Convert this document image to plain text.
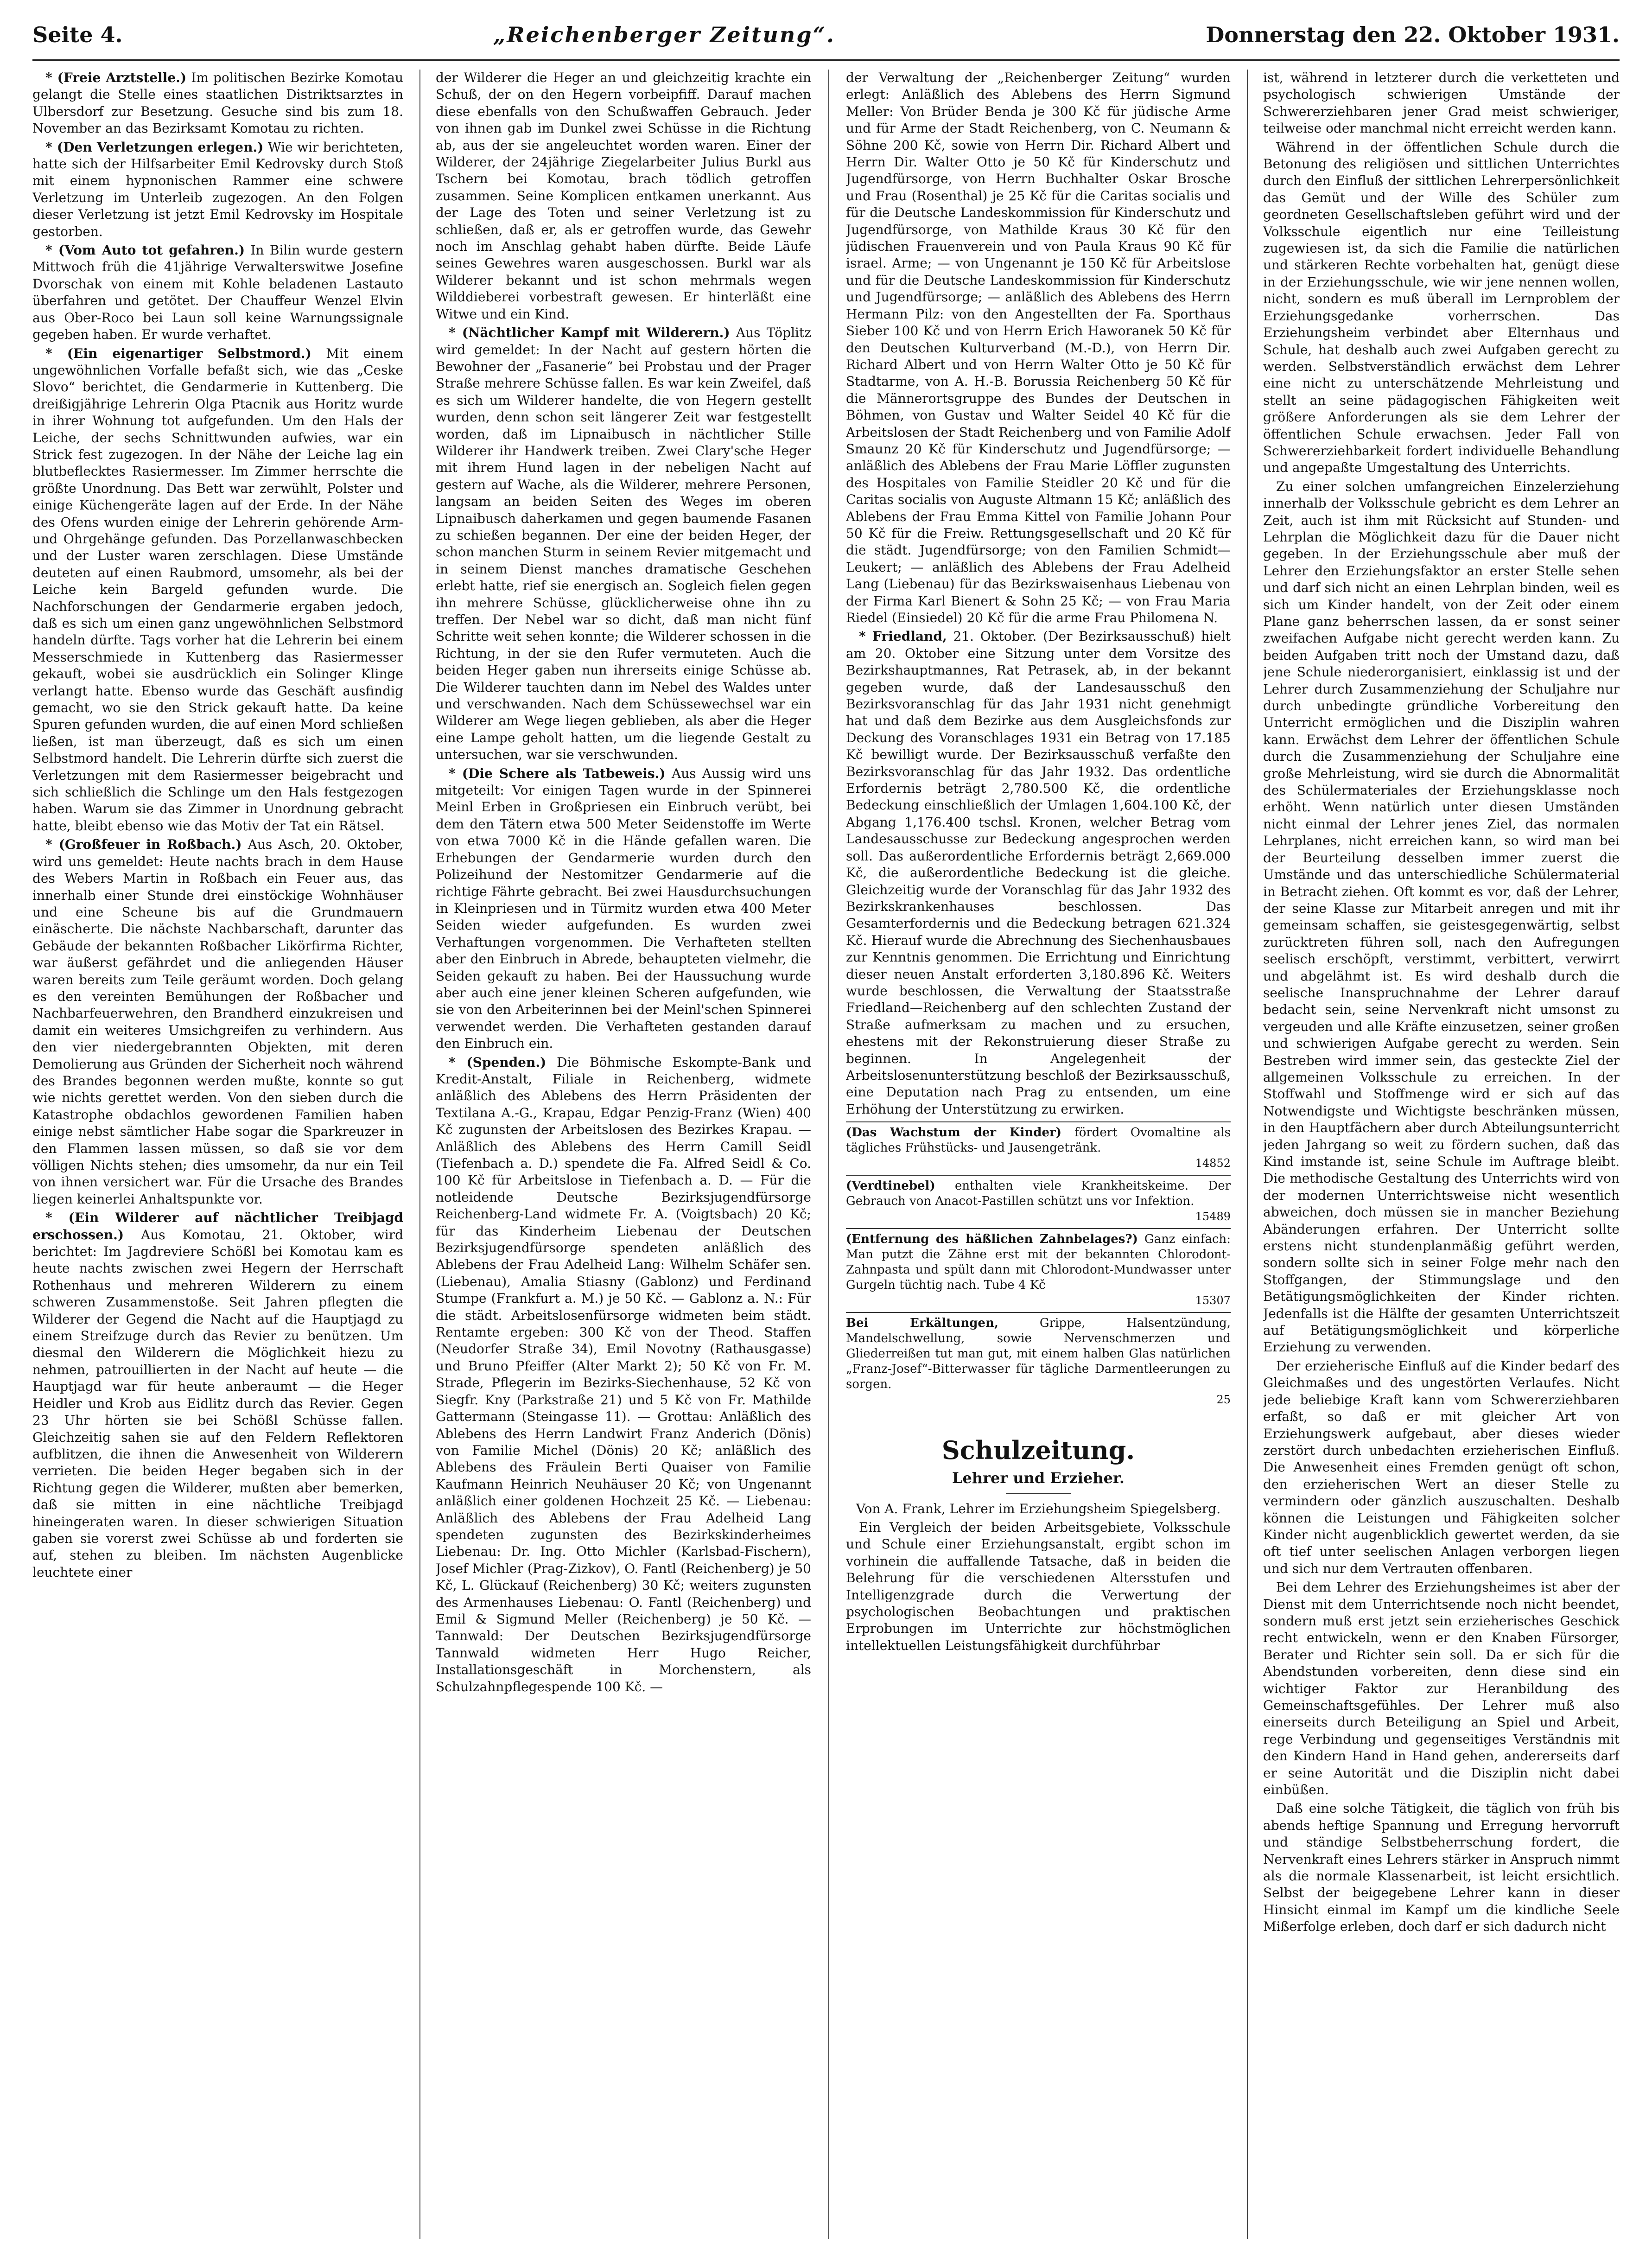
Seite 4.	„Reichenberger Zeitung“.	Donnerstag den 22. Oktober 1931.

* (Freie Arztstelle.) Im politischen Bezirke Komotau gelangt die Stelle eines staatlichen Distriktsarztes in Ulbersdorf zur Besetzung. Gesuche sind bis zum 18. November an das Bezirksamt Komotau zu richten.

* (Den Verletzungen erlegen.) Wie wir berichteten, hatte sich der Hilfsarbeiter Emil Kedrovsky durch Stoß mit einem hypnonischen Rammer eine schwere Verletzung im Unterleib zugezogen. An den Folgen dieser Verletzung ist jetzt Emil Kedrovsky im Hospitale gestorben.

* (Vom Auto tot gefahren.) In Bilin wurde gestern Mittwoch früh die 41jährige Verwalterswitwe Josefine Dvorschak von einem mit Kohle beladenen Lastauto überfahren und getötet. Der Chauffeur Wenzel Elvin aus Ober-Roco bei Laun soll keine Warnungssignale gegeben haben. Er wurde verhaftet.

* (Ein eigenartiger Selbstmord.) Mit einem ungewöhnlichen Vorfalle befaßt sich, wie das „Ceske Slovo“ berichtet, die Gendarmerie in Kuttenberg. Die dreißigjährige Lehrerin Olga Ptacnik aus Horitz wurde in ihrer Wohnung tot aufgefunden. Um den Hals der Leiche, der sechs Schnittwunden aufwies, war ein Strick fest zugezogen. In der Nähe der Leiche lag ein blutbeflecktes Rasiermesser. Im Zimmer herrschte die größte Unordnung. Das Bett war zerwühlt, Polster und einige Küchengeräte lagen auf der Erde. In der Nähe des Ofens wurden einige der Lehrerin gehörende Arm- und Ohrgehänge gefunden. Das Porzellanwaschbecken und der Luster waren zerschlagen. Diese Umstände deuteten auf einen Raubmord, umsomehr, als bei der Leiche kein Bargeld gefunden wurde. Die Nachforschungen der Gendarmerie ergaben jedoch, daß es sich um einen ganz ungewöhnlichen Selbstmord handeln dürfte. Tags vorher hat die Lehrerin bei einem Messerschmiede in Kuttenberg das Rasiermesser gekauft, wobei sie ausdrücklich ein Solinger Klinge verlangt hatte. Ebenso wurde das Geschäft ausfindig gemacht, wo sie den Strick gekauft hatte. Da keine Spuren gefunden wurden, die auf einen Mord schließen ließen, ist man überzeugt, daß es sich um einen Selbstmord handelt. Die Lehrerin dürfte sich zuerst die Verletzungen mit dem Rasiermesser beigebracht und sich schließlich die Schlinge um den Hals festgezogen haben. Warum sie das Zimmer in Unordnung gebracht hatte, bleibt ebenso wie das Motiv der Tat ein Rätsel.

* (Großfeuer in Roßbach.) Aus Asch, 20. Oktober, wird uns gemeldet: Heute nachts brach in dem Hause des Webers Martin in Roßbach ein Feuer aus, das innerhalb einer Stunde drei einstöckige Wohnhäuser und eine Scheune bis auf die Grundmauern einäscherte. Die nächste Nachbarschaft, darunter das Gebäude der bekannten Roßbacher Likörfirma Richter, war äußerst gefährdet und die anliegenden Häuser waren bereits zum Teile geräumt worden. Doch gelang es den vereinten Bemühungen der Roßbacher und Nachbarfeuerwehren, den Brandherd einzukreisen und damit ein weiteres Umsichgreifen zu verhindern. Aus den vier niedergebrannten Objekten, mit deren Demolierung aus Gründen der Sicherheit noch während des Brandes begonnen werden mußte, konnte so gut wie nichts gerettet werden. Von den sieben durch die Katastrophe obdachlos gewordenen Familien haben einige nebst sämtlicher Habe sogar die Sparkreuzer in den Flammen lassen müssen, so daß sie vor dem völligen Nichts stehen; dies umsomehr, da nur ein Teil von ihnen versichert war. Für die Ursache des Brandes liegen keinerlei Anhaltspunkte vor.

* (Ein Wilderer auf nächtlicher Treibjagd erschossen.) Aus Komotau, 21. Oktober, wird berichtet: Im Jagdreviere Schößl bei Komotau kam es heute nachts zwischen zwei Hegern der Herrschaft Rothenhaus und mehreren Wilderern zu einem schweren Zusammenstoße. Seit Jahren pflegten die Wilderer der Gegend die Nacht auf die Hauptjagd zu einem Streifzuge durch das Revier zu benützen. Um diesmal den Wilderern die Möglichkeit hiezu zu nehmen, patrouillierten in der Nacht auf heute — die Hauptjagd war für heute anberaumt — die Heger Heidler und Krob aus Eidlitz durch das Revier. Gegen 23 Uhr hörten sie bei Schößl Schüsse fallen. Gleichzeitig sahen sie auf den Feldern Reflektoren aufblitzen, die ihnen die Anwesenheit von Wilderern verrieten. Die beiden Heger begaben sich in der Richtung gegen die Wilderer, mußten aber bemerken, daß sie mitten in eine nächtliche Treibjagd hineingeraten waren. In dieser schwierigen Situation gaben sie vorerst zwei Schüsse ab und forderten sie auf, stehen zu bleiben. Im nächsten Augenblicke leuchtete einer

der Wilderer die Heger an und gleichzeitig krachte ein Schuß, der on den Hegern vorbeipfiff. Darauf machen diese ebenfalls von den Schußwaffen Gebrauch. Jeder von ihnen gab im Dunkel zwei Schüsse in die Richtung ab, aus der sie angeleuchtet worden waren. Einer der Wilderer, der 24jährige Ziegelarbeiter Julius Burkl aus Tschern bei Komotau, brach tödlich getroffen zusammen. Seine Komplicen entkamen unerkannt. Aus der Lage des Toten und seiner Verletzung ist zu schließen, daß er, als er getroffen wurde, das Gewehr noch im Anschlag gehabt haben dürfte. Beide Läufe seines Gewehres waren ausgeschossen. Burkl war als Wilderer bekannt und ist schon mehrmals wegen Wilddieberei vorbestraft gewesen. Er hinterläßt eine Witwe und ein Kind.

* (Nächtlicher Kampf mit Wilderern.) Aus Töplitz wird gemeldet: In der Nacht auf gestern hörten die Bewohner der „Fasanerie“ bei Probstau und der Prager Straße mehrere Schüsse fallen. Es war kein Zweifel, daß es sich um Wilderer handelte, die von Hegern gestellt wurden, denn schon seit längerer Zeit war festgestellt worden, daß im Lipnaibusch in nächtlicher Stille Wilderer ihr Handwerk treiben. Zwei Clary'sche Heger mit ihrem Hund lagen in der nebeligen Nacht auf gestern auf Wache, als die Wilderer, mehrere Personen, langsam an beiden Seiten des Weges im oberen Lipnaibusch daherkamen und gegen baumende Fasanen zu schießen begannen. Der eine der beiden Heger, der schon manchen Sturm in seinem Revier mitgemacht und in seinem Dienst manches dramatische Geschehen erlebt hatte, rief sie energisch an. Sogleich fielen gegen ihn mehrere Schüsse, glücklicherweise ohne ihn zu treffen. Der Nebel war so dicht, daß man nicht fünf Schritte weit sehen konnte; die Wilderer schossen in die Richtung, in der sie den Rufer vermuteten. Auch die beiden Heger gaben nun ihrerseits einige Schüsse ab. Die Wilderer tauchten dann im Nebel des Waldes unter und verschwanden. Nach dem Schüssewechsel war ein Wilderer am Wege liegen geblieben, als aber die Heger eine Lampe geholt hatten, um die liegende Gestalt zu untersuchen, war sie verschwunden.

* (Die Schere als Tatbeweis.) Aus Aussig wird uns mitgeteilt: Vor einigen Tagen wurde in der Spinnerei Meinl Erben in Großpriesen ein Einbruch verübt, bei dem den Tätern etwa 500 Meter Seidenstoffe im Werte von etwa 7000 Kč in die Hände gefallen waren. Die Erhebungen der Gendarmerie wurden durch den Polizeihund der Nestomitzer Gendarmerie auf die richtige Fährte gebracht. Bei zwei Hausdurchsuchungen in Kleinpriesen und in Türmitz wurden etwa 400 Meter Seiden wieder aufgefunden. Es wurden zwei Verhaftungen vorgenommen. Die Verhafteten stellten aber den Einbruch in Abrede, behaupteten vielmehr, die Seiden gekauft zu haben. Bei der Haussuchung wurde aber auch eine jener kleinen Scheren aufgefunden, wie sie von den Arbeiterinnen bei der Meinl'schen Spinnerei verwendet werden. Die Verhafteten gestanden darauf den Einbruch ein.

* (Spenden.) Die Böhmische Eskompte-Bank und Kredit-Anstalt, Filiale in Reichenberg, widmete anläßlich des Ablebens des Herrn Präsidenten der Textilana A.-G., Krapau, Edgar Penzig-Franz (Wien) 400 Kč zugunsten der Arbeitslosen des Bezirkes Krapau. — Anläßlich des Ablebens des Herrn Camill Seidl (Tiefenbach a. D.) spendete die Fa. Alfred Seidl & Co. 100 Kč für Arbeitslose in Tiefenbach a. D. — Für die notleidende Deutsche Bezirksjugendfürsorge Reichenberg-Land widmete Fr. A. (Voigtsbach) 20 Kč; für das Kinderheim Liebenau der Deutschen Bezirksjugendfürsorge spendeten anläßlich des Ablebens der Frau Adelheid Lang: Wilhelm Schäfer sen. (Liebenau), Amalia Stiasny (Gablonz) und Ferdinand Stumpe (Frankfurt a. M.) je 50 Kč. — Gablonz a. N.: Für die städt. Arbeitslosenfürsorge widmeten beim städt. Rentamte ergeben: 300 Kč von der Theod. Staffen (Neudorfer Straße 34), Emil Novotny (Rathausgasse) und Bruno Pfeiffer (Alter Markt 2); 50 Kč von Fr. M. Strade, Pflegerin im Bezirks-Siechenhause, 52 Kč von Siegfr. Kny (Parkstraße 21) und 5 Kč von Fr. Mathilde Gattermann (Steingasse 11). — Grottau: Anläßlich des Ablebens des Herrn Landwirt Franz Anderich (Dönis) von Familie Michel (Dönis) 20 Kč; anläßlich des Ablebens des Fräulein Berti Quaiser von Familie Kaufmann Heinrich Neuhäuser 20 Kč; von Ungenannt anläßlich einer goldenen Hochzeit 25 Kč. — Liebenau: Anläßlich des Ablebens der Frau Adelheid Lang spendeten zugunsten des Bezirkskinderheimes Liebenau: Dr. Ing. Otto Michler (Karlsbad-Fischern), Josef Michler (Prag-Zizkov), O. Fantl (Reichenberg) je 50 Kč, L. Glückauf (Reichenberg) 30 Kč; weiters zugunsten des Armenhauses Liebenau: O. Fantl (Reichenberg) und Emil & Sigmund Meller (Reichenberg) je 50 Kč. — Tannwald: Der Deutschen Bezirksjugendfürsorge Tannwald widmeten Herr Hugo Reicher, Installationsgeschäft in Morchenstern, als Schulzahnpflegespende 100 Kč. —

der Verwaltung der „Reichenberger Zeitung“ wurden erlegt: Anläßlich des Ablebens des Herrn Sigmund Meller: Von Brüder Benda je 300 Kč für jüdische Arme und für Arme der Stadt Reichenberg, von C. Neumann & Söhne 200 Kč, sowie von Herrn Dir. Richard Albert und Herrn Dir. Walter Otto je 50 Kč für Kinderschutz und Jugendfürsorge, von Herrn Buchhalter Oskar Brosche und Frau (Rosenthal) je 25 Kč für die Caritas socialis und für die Deutsche Landeskommission für Kinderschutz und Jugendfürsorge, von Mathilde Kraus 30 Kč für den jüdischen Frauenverein und von Paula Kraus 90 Kč für israel. Arme; — von Ungenannt je 150 Kč für Arbeitslose und für die Deutsche Landeskommission für Kinderschutz und Jugendfürsorge; — anläßlich des Ablebens des Herrn Hermann Pilz: von den Angestellten der Fa. Sporthaus Sieber 100 Kč und von Herrn Erich Haworanek 50 Kč für den Deutschen Kulturverband (M.-D.), von Herrn Dir. Richard Albert und von Herrn Walter Otto je 50 Kč für Stadtarme, von A. H.-B. Borussia Reichenberg 50 Kč für die Männerortsgruppe des Bundes der Deutschen in Böhmen, von Gustav und Walter Seidel 40 Kč für die Arbeitslosen der Stadt Reichenberg und von Familie Adolf Smaunz 20 Kč für Kinderschutz und Jugendfürsorge; — anläßlich des Ablebens der Frau Marie Löffler zugunsten des Hospitales von Familie Steidler 20 Kč und für die Caritas socialis von Auguste Altmann 15 Kč; anläßlich des Ablebens der Frau Emma Kittel von Familie Johann Pour 50 Kč für die Freiw. Rettungsgesellschaft und 20 Kč für die städt. Jugendfürsorge; von den Familien Schmidt—Leukert; — anläßlich des Ablebens der Frau Adelheid Lang (Liebenau) für das Bezirkswaisenhaus Liebenau von der Firma Karl Bienert & Sohn 25 Kč; — von Frau Maria Riedel (Einsiedel) 20 Kč für die arme Frau Philomena N.

* Friedland, 21. Oktober. (Der Bezirksausschuß) hielt am 20. Oktober eine Sitzung unter dem Vorsitze des Bezirkshauptmannes, Rat Petrasek, ab, in der bekannt gegeben wurde, daß der Landesausschuß den Bezirksvoranschlag für das Jahr 1931 nicht genehmigt hat und daß dem Bezirke aus dem Ausgleichsfonds zur Deckung des Voranschlages 1931 ein Betrag von 17.185 Kč bewilligt wurde. Der Bezirksausschuß verfaßte den Bezirksvoranschlag für das Jahr 1932. Das ordentliche Erfordernis beträgt 2,780.500 Kč, die ordentliche Bedeckung einschließlich der Umlagen 1,604.100 Kč, der Abgang 1,176.400 tschsl. Kronen, welcher Betrag vom Landesausschusse zur Bedeckung angesprochen werden soll. Das außerordentliche Erfordernis beträgt 2,669.000 Kč, die außerordentliche Bedeckung ist die gleiche. Gleichzeitig wurde der Voranschlag für das Jahr 1932 des Bezirkskrankenhauses beschlossen. Das Gesamterfordernis und die Bedeckung betragen 621.324 Kč. Hierauf wurde die Abrechnung des Siechenhausbaues zur Kenntnis genommen. Die Errichtung und Einrichtung dieser neuen Anstalt erforderten 3,180.896 Kč. Weiters wurde beschlossen, die Verwaltung der Staatsstraße Friedland—Reichenberg auf den schlechten Zustand der Straße aufmerksam zu machen und zu ersuchen, ehestens mit der Rekonstruierung dieser Straße zu beginnen. In Angelegenheit der Arbeitslosenunterstützung beschloß der Bezirksausschuß, eine Deputation nach Prag zu entsenden, um eine Erhöhung der Unterstützung zu erwirken.

(Das Wachstum der Kinder) fördert Ovomaltine als tägliches Frühstücks- und Jausengetränk.
14852
(Verdtinebel) enthalten viele Krankheitskeime. Der Gebrauch von Anacot-Pastillen schützt uns vor Infektion.
15489
(Entfernung des häßlichen Zahnbelages?) Ganz einfach: Man putzt die Zähne erst mit der bekannten Chlorodont-Zahnpasta und spült dann mit Chlorodont-Mundwasser unter Gurgeln tüchtig nach. Tube 4 Kč
15307
Bei Erkältungen,	Grippe, Halsentzündung, Mandelschwellung, sowie Nervenschmerzen und Gliederreißen tut man gut, mit einem halben Glas natürlichen „Franz-Josef“-Bitterwasser für tägliche Darmentleerungen zu sorgen.
25
Schulzeitung.
Lehrer und Erzieher.

Von A. Frank, Lehrer im Erziehungsheim Spiegelsberg.

Ein Vergleich der beiden Arbeitsgebiete, Volksschule und Schule einer Erziehungsanstalt, ergibt schon im vorhinein die auffallende Tatsache, daß in beiden die Belehrung für die verschiedenen Altersstufen und Intelligenzgrade durch die Verwertung der psychologischen Beobachtungen und praktischen Erprobungen im Unterrichte zur höchstmöglichen intellektuellen Leistungsfähigkeit durchführbar

ist, während in letzterer durch die verketteten und psychologisch schwierigen Umstände der Schwererziehbaren jener Grad meist schwieriger, teilweise oder manchmal nicht erreicht werden kann.

Während in der öffentlichen Schule durch die Betonung des religiösen und sittlichen Unterrichtes durch den Einfluß der sittlichen Lehrerpersönlichkeit das Gemüt und der Wille des Schüler zum geordneten Gesellschaftsleben geführt wird und der Volksschule eigentlich nur eine Teilleistung zugewiesen ist, da sich die Familie die natürlichen und stärkeren Rechte vorbehalten hat, genügt diese in der Erziehungsschule, wie wir jene nennen wollen, nicht, sondern es muß überall im Lernproblem der Erziehungsgedanke vorherrschen. Das Erziehungsheim verbindet aber Elternhaus und Schule, hat deshalb auch zwei Aufgaben gerecht zu werden. Selbstverständlich erwächst dem Lehrer eine nicht zu unterschätzende Mehrleistung und stellt an seine pädagogischen Fähigkeiten weit größere Anforderungen als sie dem Lehrer der öffentlichen Schule erwachsen. Jeder Fall von Schwererziehbarkeit fordert individuelle Behandlung und angepaßte Umgestaltung des Unterrichts.

Zu einer solchen umfangreichen Einzelerziehung innerhalb der Volksschule gebricht es dem Lehrer an Zeit, auch ist ihm mit Rücksicht auf Stunden- und Lehrplan die Möglichkeit dazu für die Dauer nicht gegeben. In der Erziehungsschule aber muß der Lehrer den Erziehungsfaktor an erster Stelle sehen und darf sich nicht an einen Lehrplan binden, weil es sich um Kinder handelt, von der Zeit oder einem Plane ganz beherrschen lassen, da er sonst seiner zweifachen Aufgabe nicht gerecht werden kann. Zu beiden Aufgaben tritt noch der Umstand dazu, daß jene Schule niederorganisiert, einklassig ist und der Lehrer durch Zusammenziehung der Schuljahre nur durch unbedingte gründliche Vorbereitung den Unterricht ermöglichen und die Disziplin wahren kann. Erwächst dem Lehrer der öffentlichen Schule durch die Zusammenziehung der Schuljahre eine große Mehrleistung, wird sie durch die Abnormalität des Schülermateriales der Erziehungsklasse noch erhöht. Wenn natürlich unter diesen Umständen nicht einmal der Lehrer jenes Ziel, das normalen Lehrplanes, nicht erreichen kann, so wird man bei der Beurteilung desselben immer zuerst die Umstände und das unterschiedliche Schülermaterial in Betracht ziehen. Oft kommt es vor, daß der Lehrer, der seine Klasse zur Mitarbeit anregen und mit ihr gemeinsam schaffen, sie geistesgegenwärtig, selbst zurücktreten führen soll, nach den Aufregungen seelisch erschöpft, verstimmt, verbittert, verwirrt und abgelähmt ist. Es wird deshalb durch die seelische Inanspruchnahme der Lehrer darauf bedacht sein, seine Nervenkraft nicht umsonst zu vergeuden und alle Kräfte einzusetzen, seiner großen und schwierigen Aufgabe gerecht zu werden. Sein Bestreben wird immer sein, das gesteckte Ziel der allgemeinen Volksschule zu erreichen. In der Stoffwahl und Stoffmenge wird er sich auf das Notwendigste und Wichtigste beschränken müssen, in den Hauptfächern aber durch Abteilungsunterricht jeden Jahrgang so weit zu fördern suchen, daß das Kind imstande ist, seine Schule im Auftrage bleibt. Die methodische Gestaltung des Unterrichts wird von der modernen Unterrichtsweise nicht wesentlich abweichen, doch müssen sie in mancher Beziehung Abänderungen erfahren. Der Unterricht sollte erstens nicht stundenplanmäßig geführt werden, sondern sollte sich in seiner Folge mehr nach den Stoffgangen, der Stimmungslage und den Betätigungsmöglichkeiten der Kinder richten. Jedenfalls ist die Hälfte der gesamten Unterrichtszeit auf Betätigungsmöglichkeit und körperliche Erziehung zu verwenden.

Der erzieherische Einfluß auf die Kinder bedarf des Gleichmaßes und des ungestörten Verlaufes. Nicht jede beliebige Kraft kann vom Schwererziehbaren erfaßt, so daß er mit gleicher Art von Erziehungswerk aufgebaut, aber dieses wieder zerstört durch unbedachten erzieherischen Einfluß. Die Anwesenheit eines Fremden genügt oft schon, den erzieherischen Wert an dieser Stelle zu vermindern oder gänzlich auszuschalten. Deshalb können die Leistungen und Fähigkeiten solcher Kinder nicht augenblicklich gewertet werden, da sie oft tief unter seelischen Anlagen verborgen liegen und sich nur dem Vertrauten offenbaren.

Bei dem Lehrer des Erziehungsheimes ist aber der Dienst mit dem Unterrichtsende noch nicht beendet, sondern muß erst jetzt sein erzieherisches Geschick recht entwickeln, wenn er den Knaben Fürsorger, Berater und Richter sein soll. Da er sich für die Abendstunden vorbereiten, denn diese sind ein wichtiger Faktor zur Heranbildung des Gemeinschaftsgefühles. Der Lehrer muß also einerseits durch Beteiligung an Spiel und Arbeit, rege Verbindung und gegenseitiges Verständnis mit den Kindern Hand in Hand gehen, andererseits darf er seine Autorität und die Disziplin nicht dabei einbüßen.

Daß eine solche Tätigkeit, die täglich von früh bis abends heftige Spannung und Erregung hervorruft und ständige Selbstbeherrschung fordert, die Nervenkraft eines Lehrers stärker in Anspruch nimmt als die normale Klassenarbeit, ist leicht ersichtlich. Selbst der beigegebene Lehrer kann in dieser Hinsicht einmal im Kampf um die kindliche Seele Mißerfolge erleben, doch darf er sich dadurch nicht
